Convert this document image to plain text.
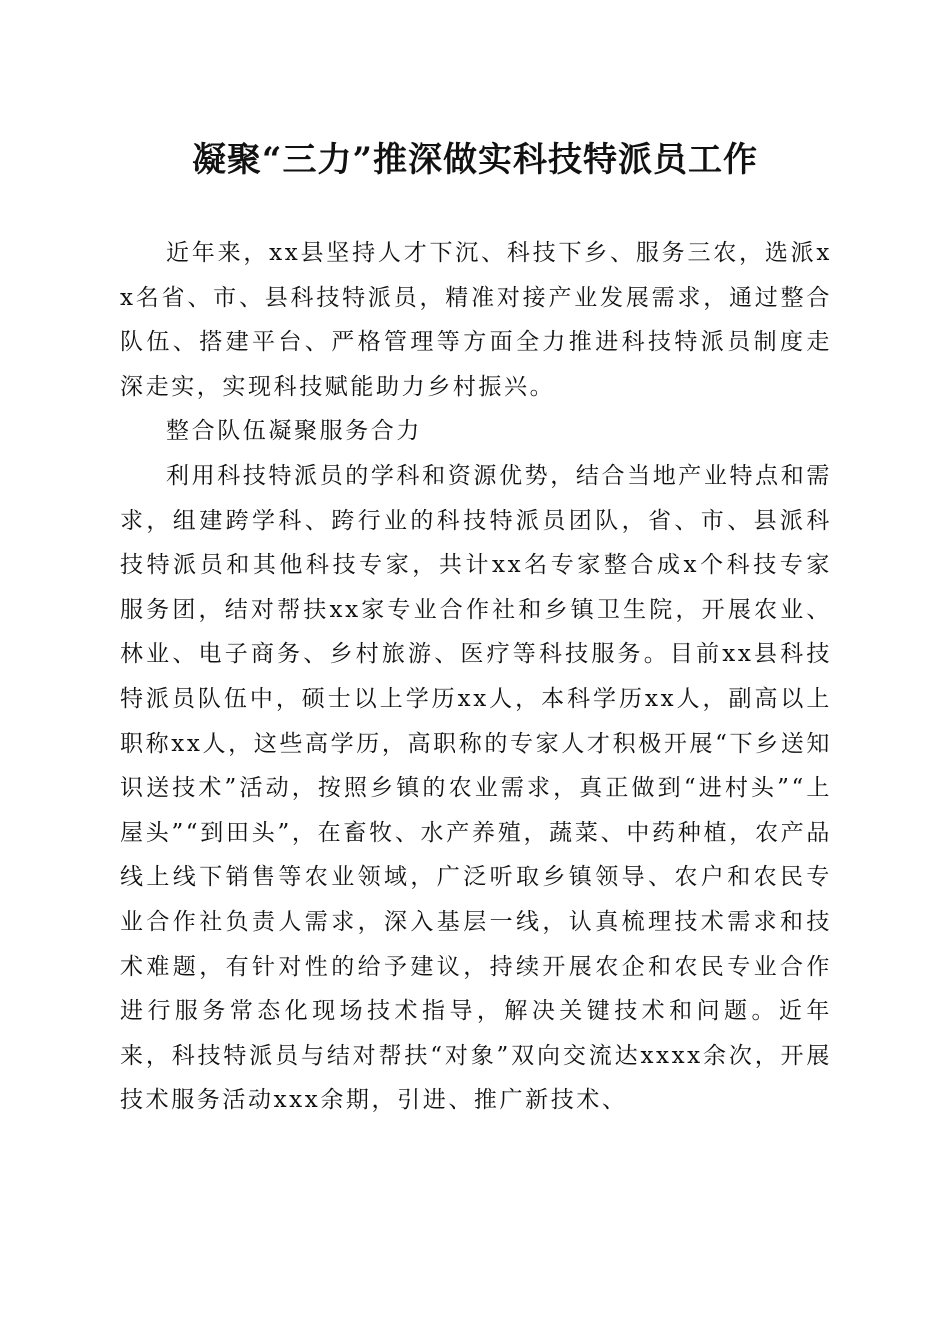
凝聚“三力”推深做实科技特派员工作

近年来，xx县坚持人才下沉、科技下乡、服务三农，选派xx名省、市、县科技特派员，精准对接产业发展需求，通过整合队伍、搭建平台、严格管理等方面全力推进科技特派员制度走深走实，实现科技赋能助力乡村振兴。

整合队伍凝聚服务合力

利用科技特派员的学科和资源优势，结合当地产业特点和需求，组建跨学科、跨行业的科技特派员团队，省、市、县派科技特派员和其他科技专家，共计xx名专家整合成x个科技专家服务团，结对帮扶xx家专业合作社和乡镇卫生院，开展农业、林业、电子商务、乡村旅游、医疗等科技服务。目前xx县科技特派员队伍中，硕士以上学历xx人，本科学历xx人，副高以上职称xx人，这些高学历，高职称的专家人才积极开展“下乡送知识送技术”活动，按照乡镇的农业需求，真正做到“进村头”“上屋头”“到田头”，在畜牧、水产养殖，蔬菜、中药种植，农产品线上线下销售等农业领域，广泛听取乡镇领导、农户和农民专业合作社负责人需求，深入基层一线，认真梳理技术需求和技术难题，有针对性的给予建议，持续开展农企和农民专业合作进行服务常态化现场技术指导，解决关键技术和问题。近年来，科技特派员与结对帮扶“对象”双向交流达xxxx余次，开展技术服务活动xxx余期，引进、推广新技术、
